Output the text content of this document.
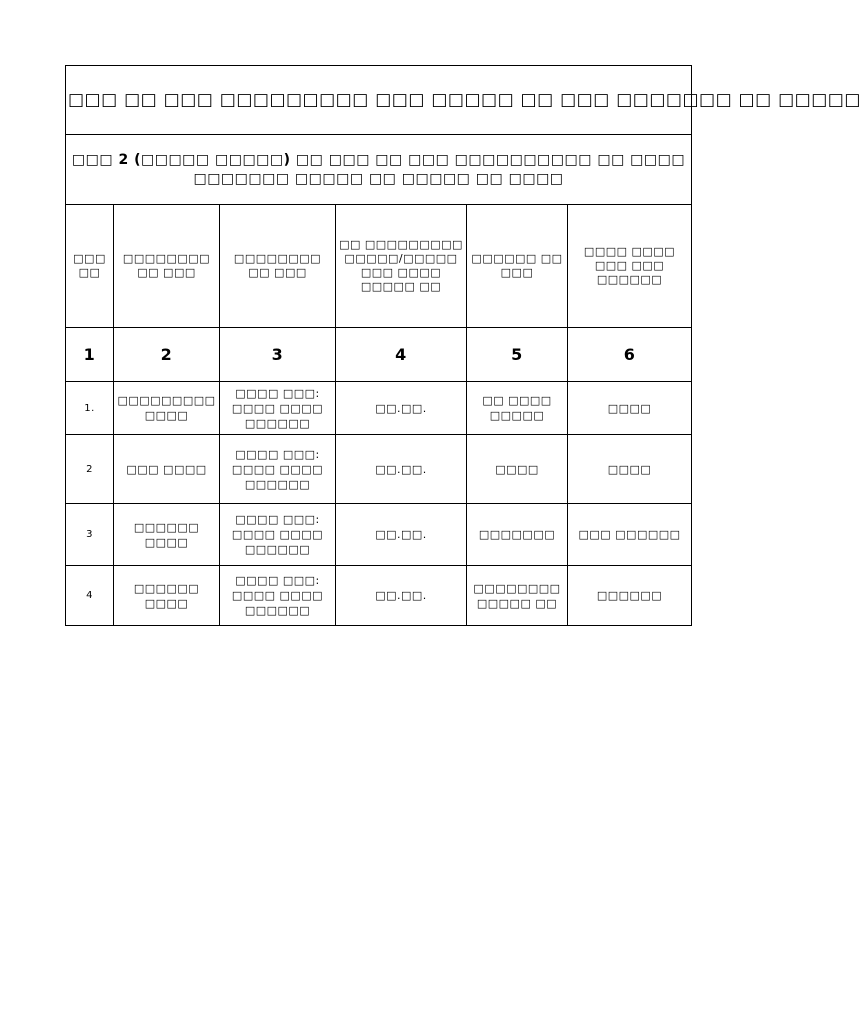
□□□ □□ □□□ □□□□□□□□□ □□□ □□□□□ □□ □□□ □□□□□□□ □□ □□□□□					
□□□ 2 (□□□□□ □□□□□) □□ □□□ □□ □□□ □□□□□□□□□□ □□ □□□□ □□□□□□□ □□□□□ □□ □□□□□ □□ □□□□					
□□□ □□	□□□□□□□□ □□ □□□	□□□□□□□□ □□ □□□	□□ □□□□□□□□□ □□□□□/□□□□□ □□□ □□□□ □□□□□ □□	□□□□□□ □□ □□□	□□□□ □□□□ □□□ □□□ □□□□□□
1	2	3	4	5	6
1.	□□□□□□□□□ □□□□	□□□□ □□□: □□□□ □□□□ □□□□□□	□□.□□.	□□ □□□□ □□□□□	□□□□
2	□□□ □□□□	□□□□ □□□: □□□□ □□□□ □□□□□□	□□.□□.	□□□□	□□□□
3	□□□□□□ □□□□	□□□□ □□□: □□□□ □□□□ □□□□□□	□□.□□.	□□□□□□□	□□□ □□□□□□
4	□□□□□□ □□□□	□□□□ □□□: □□□□ □□□□ □□□□□□	□□.□□.	□□□□□□□□ □□□□□ □□	□□□□□□
